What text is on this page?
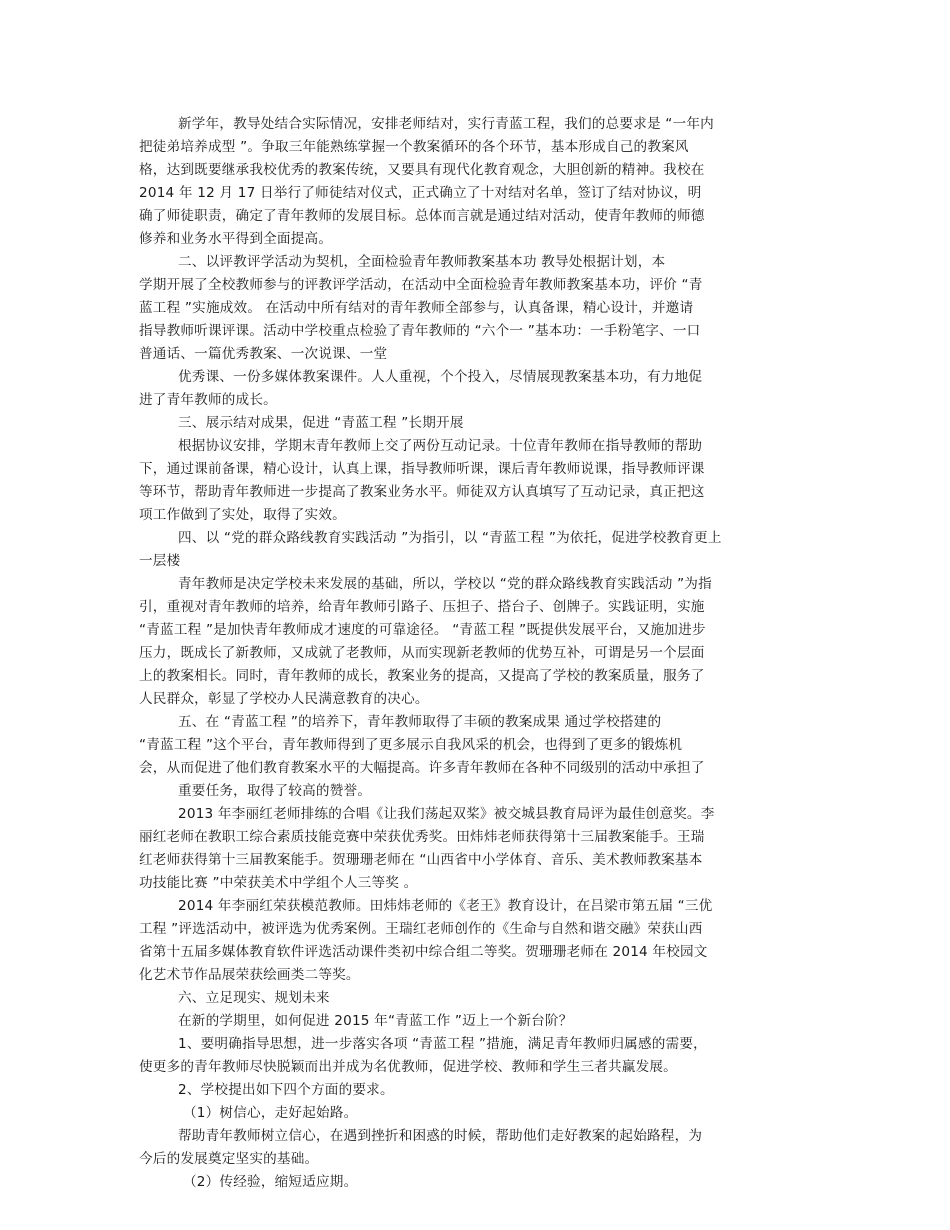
新学年，教导处结合实际情况，安排老师结对，实行青蓝工程，我们的总要求是 “一年内
把徒弟培养成型 ”。争取三年能熟练掌握一个教案循环的各个环节，基本形成自己的教案风
格，达到既要继承我校优秀的教案传统，又要具有现代化教育观念，大胆创新的精神。我校在
2014 年 12 月 17 日举行了师徒结对仪式，正式确立了十对结对名单，签订了结对协议，明
确了师徒职责，确定了青年教师的发展目标。总体而言就是通过结对活动，使青年教师的师德
修养和业务水平得到全面提高。
二、以评教评学活动为契机，全面检验青年教师教案基本功 教导处根据计划，本
学期开展了全校教师参与的评教评学活动，在活动中全面检验青年教师教案基本功，评价 “青
蓝工程 ”实施成效。 在活动中所有结对的青年教师全部参与，认真备课，精心设计，并邀请
指导教师听课评课。活动中学校重点检验了青年教师的 “六个一 ”基本功：一手粉笔字、一口
普通话、一篇优秀教案、一次说课、一堂
优秀课、一份多媒体教案课件。人人重视，个个投入，尽情展现教案基本功，有力地促
进了青年教师的成长。
三、展示结对成果，促进 “青蓝工程 ”长期开展
根据协议安排，学期末青年教师上交了两份互动记录。十位青年教师在指导教师的帮助
下，通过课前备课，精心设计，认真上课，指导教师听课，课后青年教师说课，指导教师评课
等环节，帮助青年教师进一步提高了教案业务水平。师徒双方认真填写了互动记录，真正把这
项工作做到了实处，取得了实效。
四、以 “党的群众路线教育实践活动 ”为指引，以 “青蓝工程 ”为依托，促进学校教育更上
一层楼
青年教师是决定学校未来发展的基础，所以，学校以 “党的群众路线教育实践活动 ”为指
引，重视对青年教师的培养，给青年教师引路子、压担子、搭台子、创牌子。实践证明，实施
“青蓝工程 ”是加快青年教师成才速度的可靠途径。 “青蓝工程 ”既提供发展平台，又施加进步
压力，既成长了新教师，又成就了老教师，从而实现新老教师的优势互补，可谓是另一个层面
上的教案相长。同时，青年教师的成长，教案业务的提高，又提高了学校的教案质量，服务了
人民群众，彰显了学校办人民满意教育的决心。
五、在 “青蓝工程 ”的培养下，青年教师取得了丰硕的教案成果 通过学校搭建的
“青蓝工程 ”这个平台，青年教师得到了更多展示自我风采的机会，也得到了更多的锻炼机
会，从而促进了他们教育教案水平的大幅提高。许多青年教师在各种不同级别的活动中承担了
重要任务，取得了较高的赞誉。
2013 年李丽红老师排练的合唱《让我们荡起双桨》被交城县教育局评为最佳创意奖。李
丽红老师在教职工综合素质技能竞赛中荣获优秀奖。田炜炜老师获得第十三届教案能手。王瑞
红老师获得第十三届教案能手。贺珊珊老师在 “山西省中小学体育、音乐、美术教师教案基本
功技能比赛 ”中荣获美术中学组个人三等奖 。
2014 年李丽红荣获模范教师。田炜炜老师的《老王》教育设计，在吕梁市第五届 “三优
工程 ”评选活动中，被评选为优秀案例。王瑞红老师创作的《生命与自然和谐交融》荣获山西
省第十五届多媒体教育软件评选活动课件类初中综合组二等奖。贺珊珊老师在 2014 年校园文
化艺术节作品展荣获绘画类二等奖。
六、立足现实、规划未来
在新的学期里，如何促进 2015 年“青蓝工作 ”迈上一个新台阶？
1、要明确指导思想，进一步落实各项 “青蓝工程 ”措施，满足青年教师归属感的需要，
使更多的青年教师尽快脱颖而出并成为名优教师，促进学校、教师和学生三者共赢发展。
2、学校提出如下四个方面的要求。
（1）树信心，走好起始路。
帮助青年教师树立信心，在遇到挫折和困惑的时候，帮助他们走好教案的起始路程，为
今后的发展奠定坚实的基础。
（2）传经验，缩短适应期。
